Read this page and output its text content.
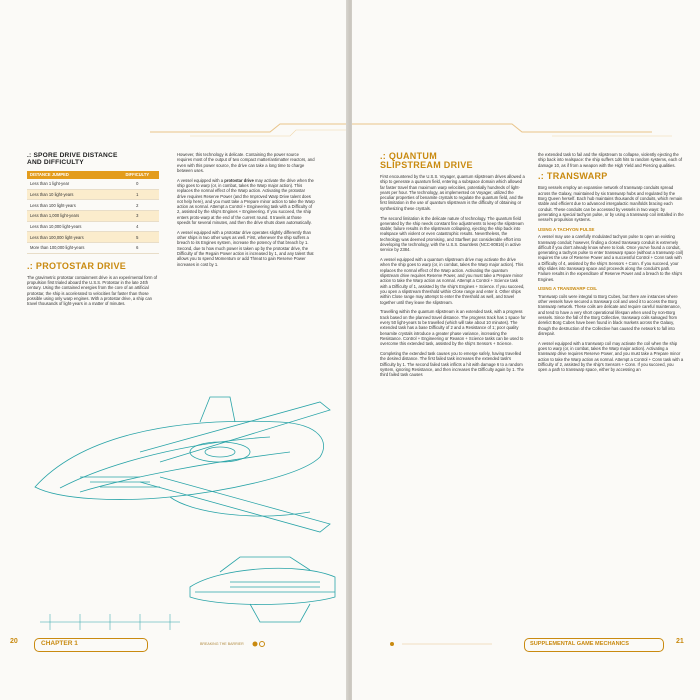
.: SPORE DRIVE DISTANCE
AND DIFFICULTY
DISTANCE JUMPED	DIFFICULTY
Less than 1 light-year	0
Less than 10 light-years	1
Less than 100 light-years	2
Less than 1,000 light-years	3
Less than 10,000 light-years	4
Less than 100,000 light-years	5
More than 100,000 light-years	6
.: PROTOSTAR DRIVE

The gravimetric protostar containment drive is an experimental form of propulsion first trialed aboard the U.S.S. Protostar in the late 24th century. Using the contained energies from the core of an artificial protostar, the ship is accelerated to velocities far faster than those possible using only warp engines. With a protostar drive, a ship can travel thousands of light-years in a matter of minutes.

However, this technology is delicate. Containing the power source requires most of the output of two compact matter/antimatter reactors, and even with this power source, the drive can take a long time to charge between uses.

A vessel equipped with a protostar drive may activate the drive when the ship goes to warp (or, in combat, takes the Warp major action). This replaces the normal effect of the Warp action. Activating the protostar drive requires Reserve Power (and the Improved Warp Drive talent does not help here), and you must take a Prepare minor action to take the Warp action as normal. Attempt a Control + Engineering task with a Difficulty of 2, assisted by the ship's Engines + Engineering. If you succeed, the ship enters proto-warp at the end of the current round. It travels at those speeds for several minutes, and then the drive shuts down automatically.

A vessel equipped with a protostar drive operates slightly differently than other ships in two other ways as well. First, whenever the ship suffers a breach to its Engines system, increase the potency of that breach by 1. Second, due to how much power is taken up by the protostar drive, the Difficulty of the Regain Power action is increased by 1, and any talent that allows you to spend Momentum or add Threat to gain Reserve Power increases in cost by 1.

20	CHAPTER 1	BREAKING THE BARRIER
.: QUANTUM
SLIPSTREAM DRIVE

First encountered by the U.S.S. Voyager, quantum slipstream drives allowed a ship to generate a quantum field, entering a subspace domain which allowed far faster travel than maximum warp velocities, potentially hundreds of light-years per hour. The technology, as implemented on Voyager, utilized the peculiar properties of benamite crystals to regulate the quantum field, and the first limitation in the use of quantum slipstream is the difficulty of obtaining or synthesizing these crystals.

The second limitation is the delicate nature of technology. The quantum field generated by the ship needs constant fine adjustments to keep the slipstream stable; failure results in the slipstream collapsing, ejecting the ship back into realspace with violent or even catastrophic results. Nevertheless, the technology was deemed promising, and Starfleet put considerable effort into developing the technology, with the U.S.S. Dauntless (NCC-80816) in active service by 2384.

A vessel equipped with a quantum slipstream drive may activate the drive when the ship goes to warp (or, in combat, takes the Warp major action). This replaces the normal effect of the Warp action. Activating the quantum slipstream drive requires Reserve Power, and you must take a Prepare minor action to take the Warp action as normal. Attempt a Control + Science task with a Difficulty of 1, assisted by the ship's Engines + Science. If you succeed, you open a slipstream threshold within Close range and enter it. Other ships within Close range may attempt to enter the threshold as well, and travel together until they leave the slipstream.

Travelling within the quantum slipstream is an extended task, with a progress track based on the planned travel distance. The progress track has 1 space for every 50 light-years to be travelled (which will take about 10 minutes). The extended task has a base Difficulty of 2 and a Resistance of 1; poor quality benamite crystals introduce a greater phase variance, increasing the Resistance. Control + Engineering or Reason + Science tasks can be used to overcome this extended task, assisted by the ship's Sensors + Science.

Completing the extended task causes you to emerge safely, having travelled the desired distance. The first failed task increases the extended task's Difficulty by 1. The second failed task inflicts a hit with damage 6 to a random system, ignoring Resistance, and then increases the Difficulty again by 1. The third failed task causes

the extended task to fail and the slipstream to collapse, violently ejecting the ship back into realspace: the ship suffers 1d6 hits to random systems, each of damage 10, as if from a weapon with the High Yield and Piercing qualities.

.: TRANSWARP

Borg vessels employ an expansive network of transwarp conduits spread across the Galaxy, maintained by six transwarp hubs and regulated by the Borg Queen herself. Each hub maintains thousands of conduits, which remain stable and efficient due to advanced intergalactic manifolds bracing each conduit. These conduits can be accessed by vessels in two ways: by generating a special tachyon pulse, or by using a transwarp coil installed in the vessel's propulsion systems.

USING A TACHYON PULSE

A vessel may use a carefully modulated tachyon pulse to open an existing transwarp conduit; however, finding a closed transwarp conduit is extremely difficult if you don't already know where to look. Once you've found a conduit, generating a tachyon pulse to enter transwarp space (without a transwarp coil) requires the use of Reserve Power and a successful Control + Conn task with a Difficulty of 4, assisted by the ship's Sensors + Conn. If you succeed, your ship slides into transwarp space and proceeds along the conduit's path. Failure results in the expenditure of Reserve Power and a breach to the ship's Engines.

USING A TRANSWARP COIL

Transwarp coils were integral to Borg Cubes, but there are instances where other vessels have secured a transwarp coil and used it to access the Borg transwarp network. These coils are delicate and require careful maintenance, and tend to have a very short operational lifespan when used by non-Borg vessels. Since the fall of the Borg Collective, transwarp coils salvaged from derelict Borg Cubes have been found in black markets across the Galaxy, though the destruction of the Collective has caused the network to fall into disrepair.

A vessel equipped with a transwarp coil may activate the coil when the ship goes to warp (or, in combat, takes the Warp major action). Activating a transwarp drive requires Reserve Power, and you must take a Prepare minor action to take the Warp action as normal. Attempt a Control + Conn task with a Difficulty of 2, assisted by the ship's Sensors + Conn. If you succeed, you open a path to transwarp space, either by accessing an

SUPPLEMENTAL GAME MECHANICS	21
